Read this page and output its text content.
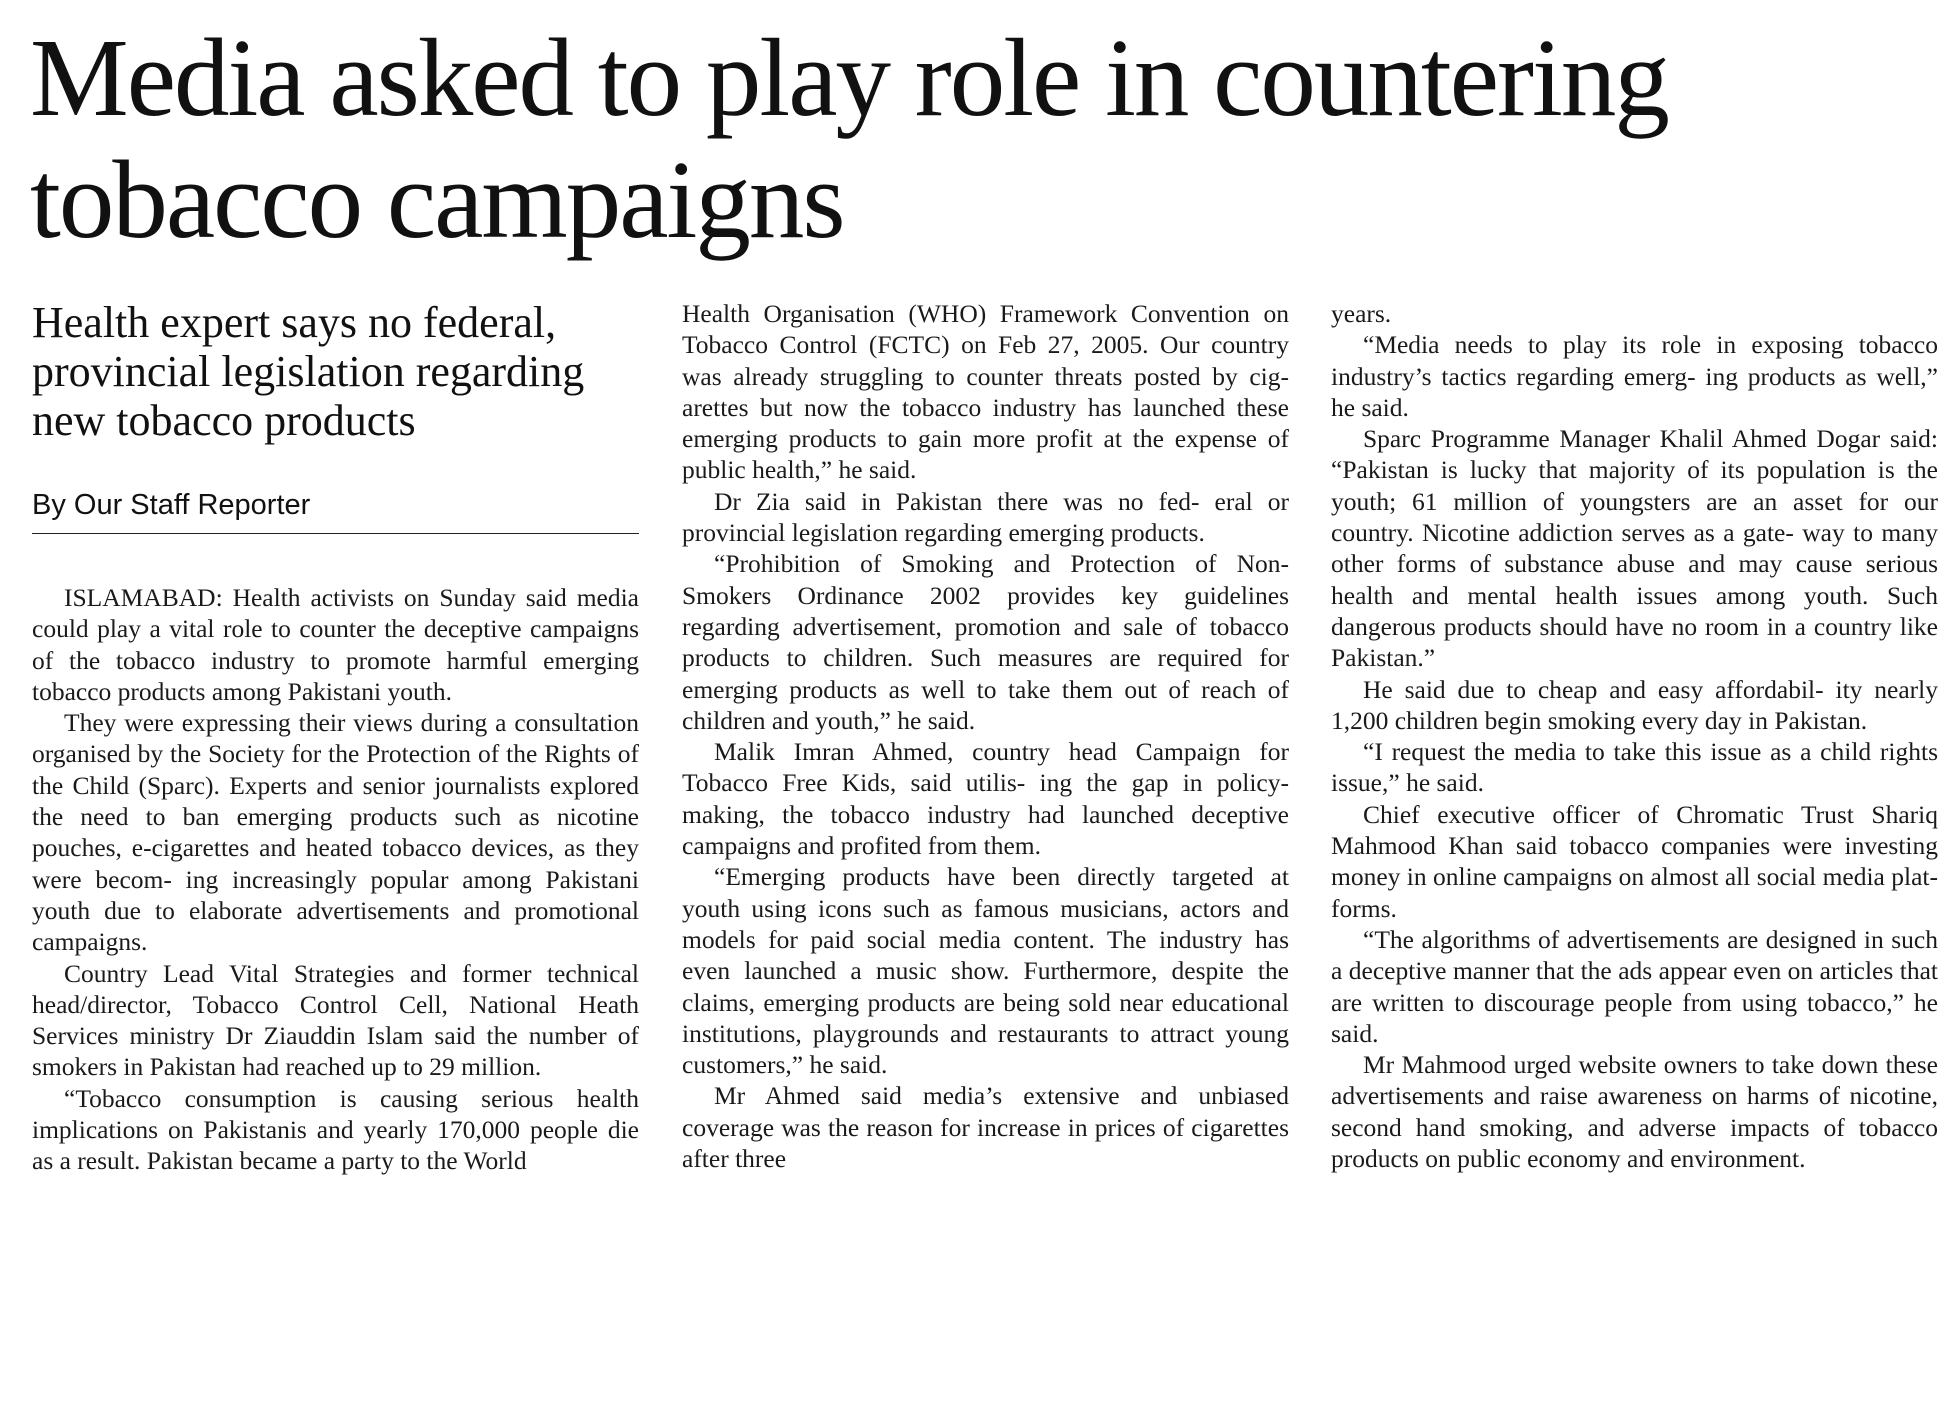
Media asked to play role in countering tobacco campaigns
Health expert says no federal, provincial legislation regarding new tobacco products
By Our Staff Reporter

ISLAMABAD: Health activists on Sunday said media could play a vital role to counter the deceptive campaigns of the tobacco industry to promote harmful emerging tobacco products among Pakistani youth.

They were expressing their views during a consultation organised by the Society for the Protection of the Rights of the Child (Sparc). Experts and senior journalists explored the need to ban emerging products such as nicotine pouches, e-cigarettes and heated tobacco devices, as they were becom- ing increasingly popular among Pakistani youth due to elaborate advertisements and promotional campaigns.

Country Lead Vital Strategies and former technical head/director, Tobacco Control Cell, National Heath Services ministry Dr Ziauddin Islam said the number of smokers in Pakistan had reached up to 29 million.

“Tobacco consumption is causing serious health implications on Pakistanis and yearly 170,000 people die as a result. Pakistan became a party to the World

Health Organisation (WHO) Framework Convention on Tobacco Control (FCTC) on Feb 27, 2005. Our country was already struggling to counter threats posted by cig- arettes but now the tobacco industry has launched these emerging products to gain more profit at the expense of public health,” he said.

Dr Zia said in Pakistan there was no fed- eral or provincial legislation regarding emerging products.

“Prohibition of Smoking and Protection of Non-Smokers Ordinance 2002 provides key guidelines regarding advertisement, promotion and sale of tobacco products to children. Such measures are required for emerging products as well to take them out of reach of children and youth,” he said.

Malik Imran Ahmed, country head Campaign for Tobacco Free Kids, said utilis- ing the gap in policy-making, the tobacco industry had launched deceptive campaigns and profited from them.

“Emerging products have been directly targeted at youth using icons such as famous musicians, actors and models for paid social media content. The industry has even launched a music show. Furthermore, despite the claims, emerging products are being sold near educational institutions, playgrounds and restaurants to attract young customers,” he said.

Mr Ahmed said media’s extensive and unbiased coverage was the reason for increase in prices of cigarettes after three

years.

“Media needs to play its role in exposing tobacco industry’s tactics regarding emerg- ing products as well,” he said.

Sparc Programme Manager Khalil Ahmed Dogar said: “Pakistan is lucky that majority of its population is the youth; 61 million of youngsters are an asset for our country. Nicotine addiction serves as a gate- way to many other forms of substance abuse and may cause serious health and mental health issues among youth. Such dangerous products should have no room in a country like Pakistan.”

He said due to cheap and easy affordabil- ity nearly 1,200 children begin smoking every day in Pakistan.

“I request the media to take this issue as a child rights issue,” he said.

Chief executive officer of Chromatic Trust Shariq Mahmood Khan said tobacco companies were investing money in online campaigns on almost all social media plat- forms.

“The algorithms of advertisements are designed in such a deceptive manner that the ads appear even on articles that are written to discourage people from using tobacco,” he said.

Mr Mahmood urged website owners to take down these advertisements and raise awareness on harms of nicotine, second hand smoking, and adverse impacts of tobacco products on public economy and environment.
